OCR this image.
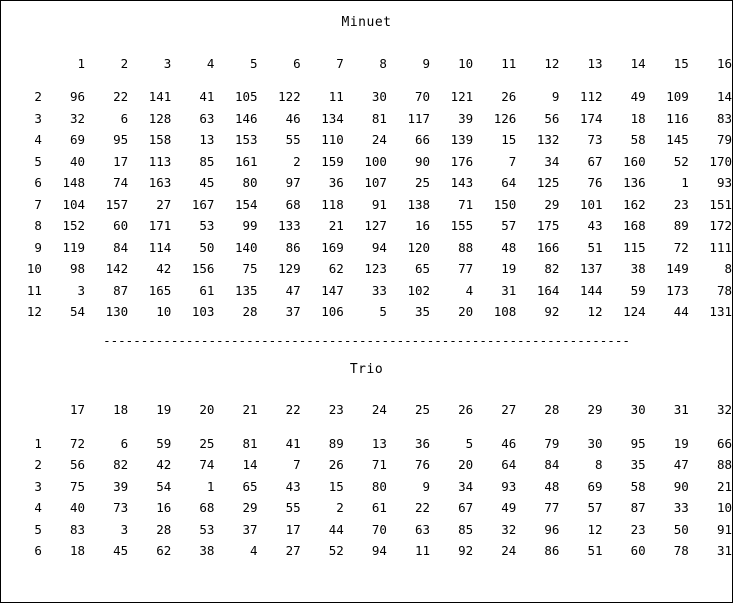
Minuet
	1	2	3	4	5	6	7	8	9	10	11	12	13	14	15	16
2	96	22	141	41	105	122	11	30	70	121	26	9	112	49	109	14
3	32	6	128	63	146	46	134	81	117	39	126	56	174	18	116	83
4	69	95	158	13	153	55	110	24	66	139	15	132	73	58	145	79
5	40	17	113	85	161	2	159	100	90	176	7	34	67	160	52	170
6	148	74	163	45	80	97	36	107	25	143	64	125	76	136	1	93
7	104	157	27	167	154	68	118	91	138	71	150	29	101	162	23	151
8	152	60	171	53	99	133	21	127	16	155	57	175	43	168	89	172
9	119	84	114	50	140	86	169	94	120	88	48	166	51	115	72	111
10	98	142	42	156	75	129	62	123	65	77	19	82	137	38	149	8
11	3	87	165	61	135	47	147	33	102	4	31	164	144	59	173	78
12	54	130	10	103	28	37	106	5	35	20	108	92	12	124	44	131
----------------------------------------------------------------------
Trio
	17	18	19	20	21	22	23	24	25	26	27	28	29	30	31	32
1	72	6	59	25	81	41	89	13	36	5	46	79	30	95	19	66
2	56	82	42	74	14	7	26	71	76	20	64	84	8	35	47	88
3	75	39	54	1	65	43	15	80	9	34	93	48	69	58	90	21
4	40	73	16	68	29	55	2	61	22	67	49	77	57	87	33	10
5	83	3	28	53	37	17	44	70	63	85	32	96	12	23	50	91
6	18	45	62	38	4	27	52	94	11	92	24	86	51	60	78	31
